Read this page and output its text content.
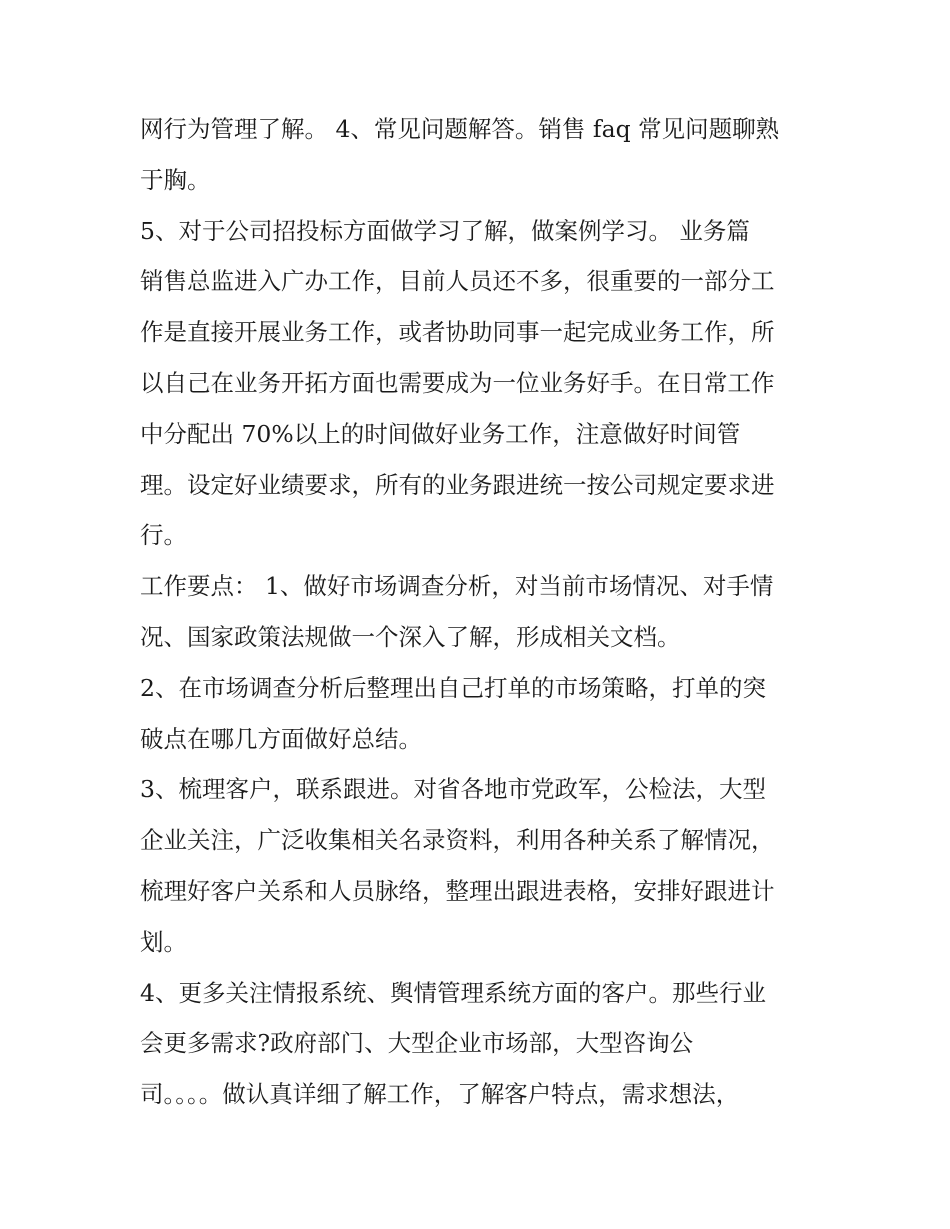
网行为管理了解。 4、常见问题解答。销售 faq 常见问题聊熟
于胸。
5、对于公司招投标方面做学习了解，做案例学习。 业务篇
销售总监进入广办工作，目前人员还不多，很重要的一部分工
作是直接开展业务工作，或者协助同事一起完成业务工作，所
以自己在业务开拓方面也需要成为一位业务好手。在日常工作
中分配出 70%以上的时间做好业务工作，注意做好时间管
理。设定好业绩要求，所有的业务跟进统一按公司规定要求进
行。
工作要点： 1、做好市场调查分析，对当前市场情况、对手情
况、国家政策法规做一个深入了解，形成相关文档。
2、在市场调查分析后整理出自己打单的市场策略，打单的突
破点在哪几方面做好总结。
3、梳理客户，联系跟进。对省各地市党政军，公检法，大型
企业关注，广泛收集相关名录资料，利用各种关系了解情况，
梳理好客户关系和人员脉络，整理出跟进表格，安排好跟进计
划。
4、更多关注情报系统、舆情管理系统方面的客户。那些行业
会更多需求?政府部门、大型企业市场部，大型咨询公
司。。。。做认真详细了解工作，了解客户特点，需求想法，
